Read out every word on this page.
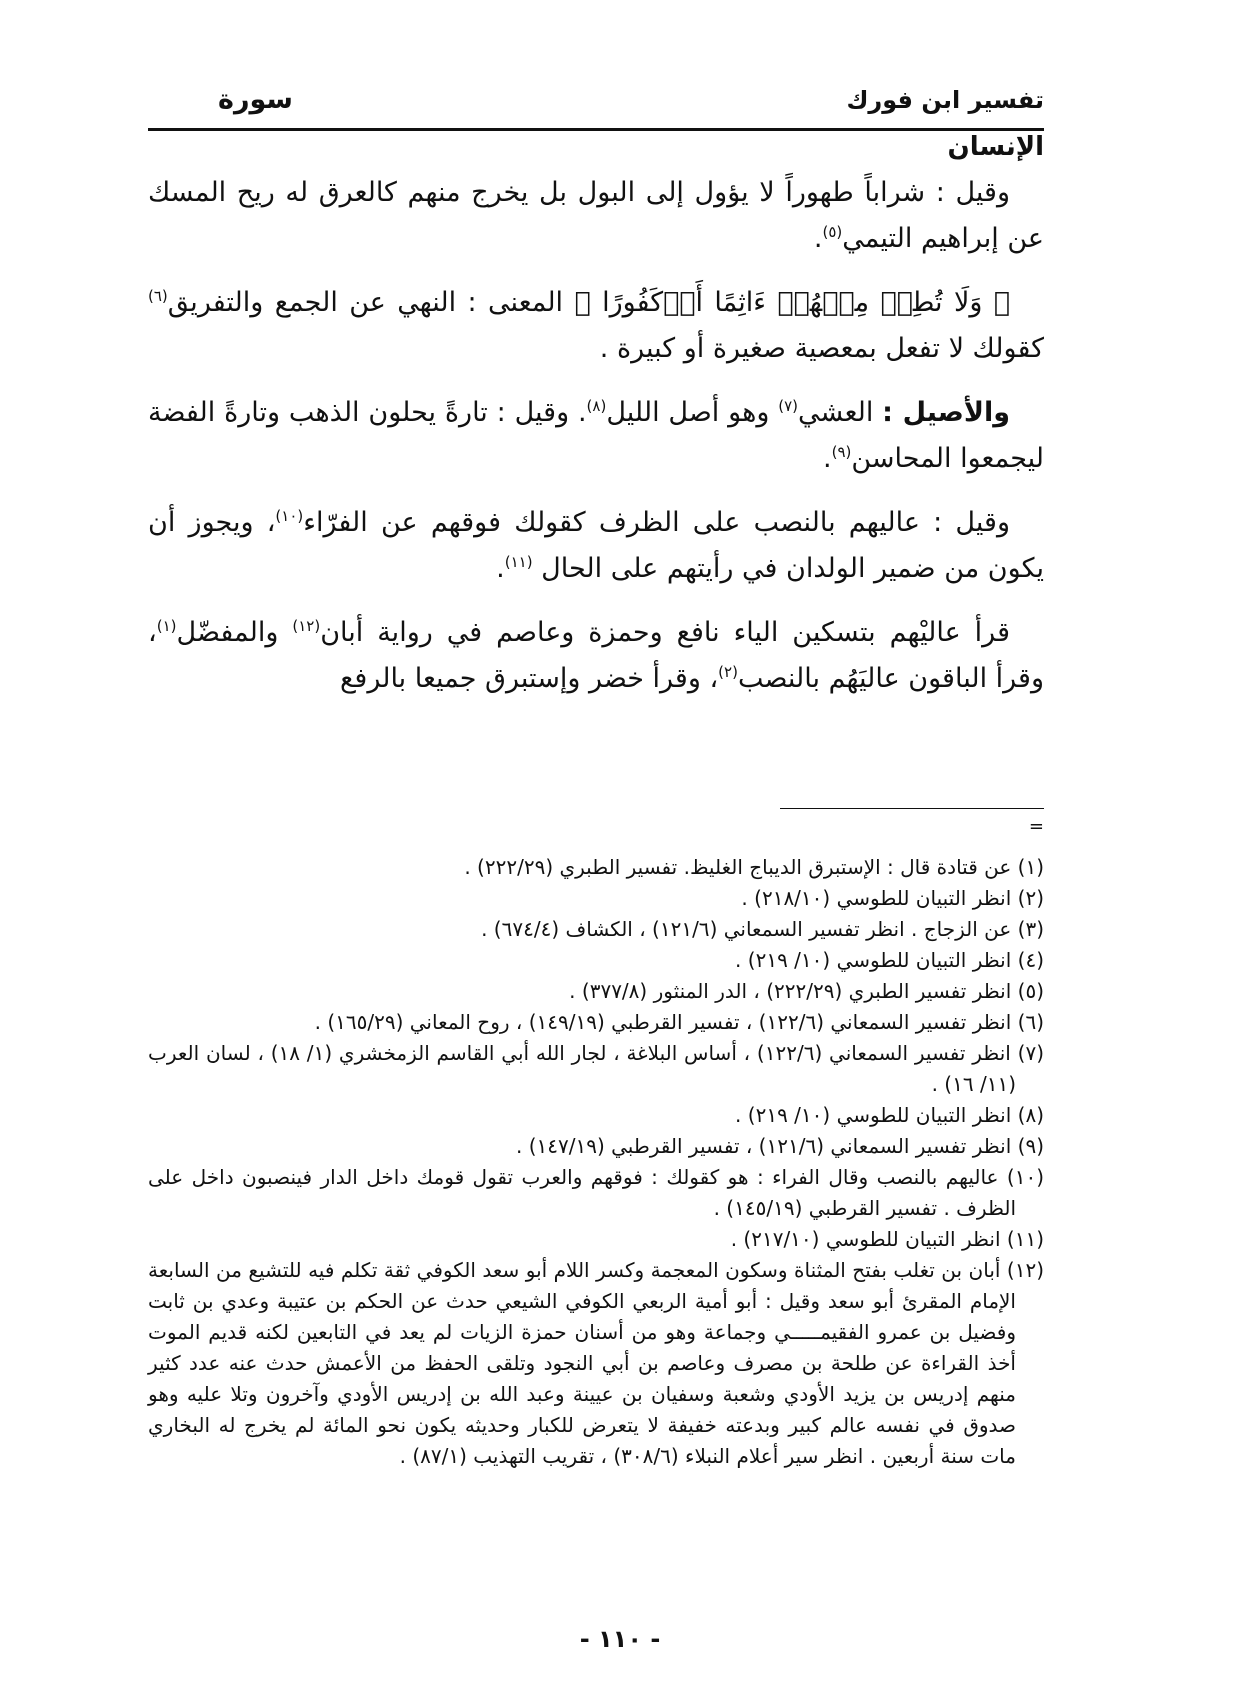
تفسير ابن فورك
سورة
الإنسان

وقيل : شراباً طهوراً لا يؤول إلى البول بل يخرج منهم كالعرق له ريح المسك عن إبراهيم التيمي$^{(٥)}$.

﴿ وَلَا تُطِعۡ مِنۡهُمۡ ءَاثِمًا أَوۡكَفُورًا ﴾ المعنى : النهي عن الجمع والتفريق$^{(٦)}$ كقولك لا تفعل بمعصية صغيرة أو كبيرة .

والأصيل : العشي$^{(٧)}$ وهو أصل الليل$^{(٨)}$. وقيل : تارةً يحلون الذهب وتارةً الفضة ليجمعوا المحاسن$^{(٩)}$.

وقيل : عاليهم بالنصب على الظرف كقولك فوقهم عن الفرّاء$^{(١٠)}$، ويجوز أن يكون من ضمير الولدان في رأيتهم على الحال $^{(١١)}$.

قرأ عاليْهم بتسكين الياء نافع وحمزة وعاصم في رواية أبان$^{(١٢)}$ والمفضّل$^{(١)}$، وقرأ الباقون عاليَهُم بالنصب$^{(٢)}$، وقرأ خضر وإستبرق جميعا بالرفع

=

(١) عن قتادة قال : الإستبرق الديباج الغليظ. تفسير الطبري (٢٢٢/٢٩) .

(٢) انظر التبيان للطوسي (٢١٨/١٠) .

(٣) عن الزجاج . انظر تفسير السمعاني (١٢١/٦) ، الكشاف (٦٧٤/٤) .

(٤) انظر التبيان للطوسي (١٠/ ٢١٩) .

(٥) انظر تفسير الطبري (٢٢٢/٢٩) ، الدر المنثور (٣٧٧/٨) .

(٦) انظر تفسير السمعاني (١٢٢/٦) ، تفسير القرطبي (١٤٩/١٩) ، روح المعاني (١٦٥/٢٩) .

(٧) انظر تفسير السمعاني (١٢٢/٦) ، أساس البلاغة ، لجار الله أبي القاسم الزمخشري (١/ ١٨) ، لسان العرب (١١/ ١٦) .

(٨) انظر التبيان للطوسي (١٠/ ٢١٩) .

(٩) انظر تفسير السمعاني (١٢١/٦) ، تفسير القرطبي (١٤٧/١٩) .

(١٠) عاليهم بالنصب وقال الفراء : هو كقولك : فوقهم والعرب تقول قومك داخل الدار فينصبون داخل على الظرف . تفسير القرطبي (١٤٥/١٩) .

(١١) انظر التبيان للطوسي (٢١٧/١٠) .

(١٢) أبان بن تغلب بفتح المثناة وسكون المعجمة وكسر اللام أبو سعد الكوفي ثقة تكلم فيه للتشيع من السابعة الإمام المقرئ أبو سعد وقيل : أبو أمية الربعي الكوفي الشيعي حدث عن الحكم بن عتيبة وعدي بن ثابت وفضيل بن عمرو الفقيمـــــي وجماعة وهو من أسنان حمزة الزيات لم يعد في التابعين لكنه قديم الموت أخذ القراءة عن طلحة بن مصرف وعاصم بن أبي النجود وتلقى الحفظ من الأعمش حدث عنه عدد كثير منهم إدريس بن يزيد الأودي وشعبة وسفيان بن عيينة وعبد الله بن إدريس الأودي وآخرون وتلا عليه وهو صدوق في نفسه عالم كبير وبدعته خفيفة لا يتعرض للكبار وحديثه يكون نحو المائة لم يخرج له البخاري مات سنة أربعين . انظر سير أعلام النبلاء (٣٠٨/٦) ، تقريب التهذيب (٨٧/١) .

- ١١٠ -
